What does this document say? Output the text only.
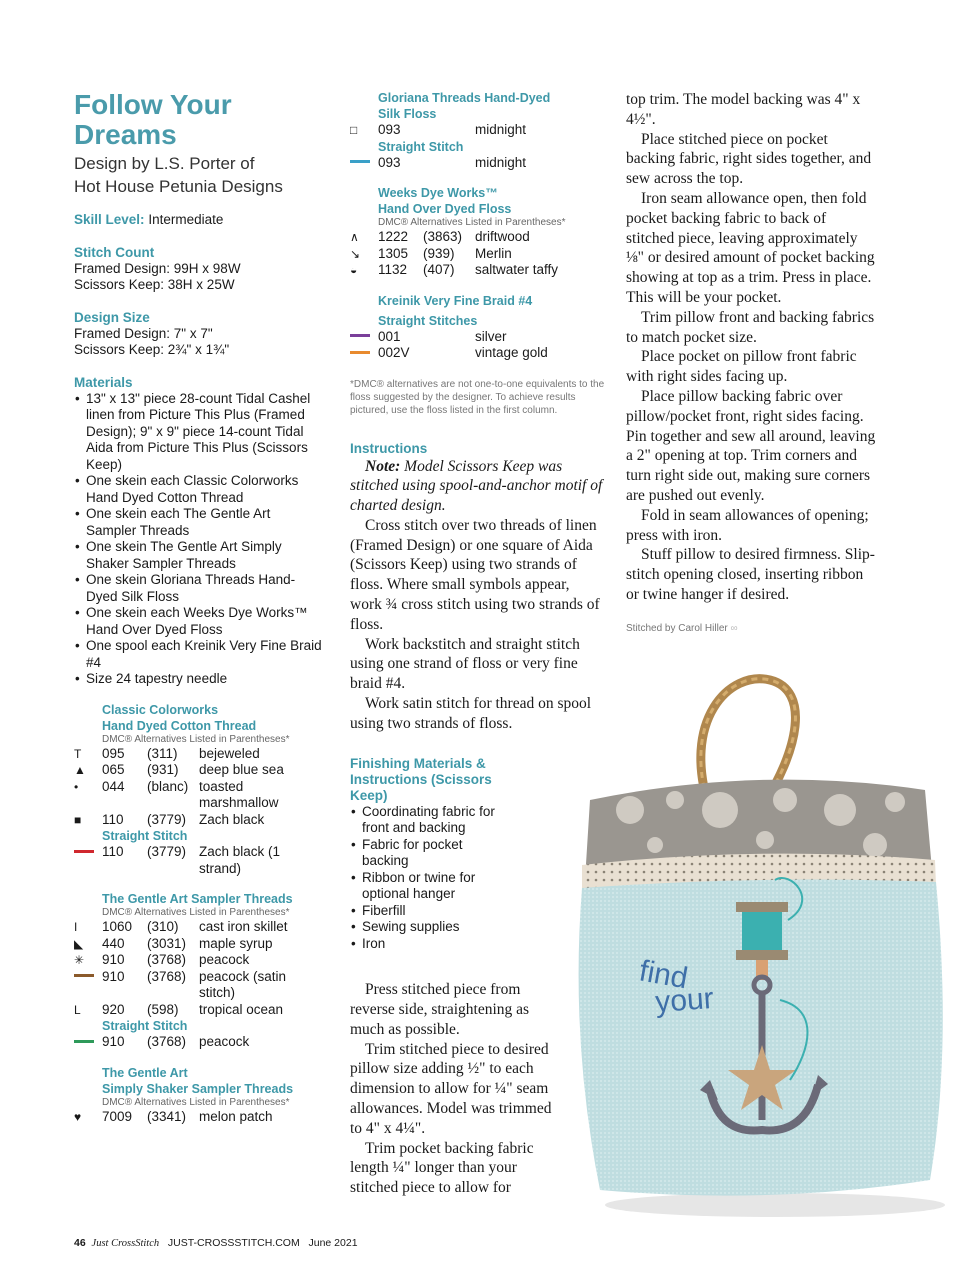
Follow Your
Dreams
Design by L.S. Porter of
Hot House Petunia Designs

Skill Level: Intermediate

Stitch Count

Framed Design: 99H x 98W

Scissors Keep: 38H x 25W

Design Size

Framed Design: 7" x 7"

Scissors Keep: 2¾" x 1¾"

Materials

• 13" x 13" piece 28-count Tidal Cashel linen from Picture This Plus (Framed Design); 9" x 9" piece 14-count Tidal Aida from Picture This Plus (Scissors Keep)
• One skein each Classic Colorworks Hand Dyed Cotton Thread
• One skein each The Gentle Art Sampler Threads
• One skein The Gentle Art Simply Shaker Sampler Threads
• One skein Gloriana Threads Hand-Dyed Silk Floss
• One skein each Weeks Dye Works™ Hand Over Dyed Floss
• One spool each Kreinik Very Fine Braid #4
• Size 24 tapestry needle
Classic Colorworks
Hand Dyed Cotton Thread
DMC® Alternatives Listed in Parentheses*
T	095	(311)	bejeweled
▲	065	(931)	deep blue sea
•	044	(blanc)	toasted marshmallow
■	110	(3779)	Zach black
Straight Stitch
	110	(3779)	Zach black (1 strand)
The Gentle Art Sampler Threads
DMC® Alternatives Listed in Parentheses*
I	1060	(310)	cast iron skillet
◣	440	(3031)	maple syrup
✳	910	(3768)	peacock
	910	(3768)	peacock (satin stitch)
L	920	(598)	tropical ocean
Straight Stitch
	910	(3768)	peacock
The Gentle Art
Simply Shaker Sampler Threads
DMC® Alternatives Listed in Parentheses*
♥	7009	(3341)	melon patch
Gloriana Threads Hand-Dyed
Silk Floss
□	093	midnight
Straight Stitch
	093	midnight
Weeks Dye Works™
Hand Over Dyed Floss
DMC® Alternatives Listed in Parentheses*
∧	1222	(3863)	driftwood
↘	1305	(939)	Merlin
◒	1132	(407)	saltwater taffy
Kreinik Very Fine Braid #4
Straight Stitches
	001	silver
	002V	vintage gold
*DMC® alternatives are not one-to-one equivalents to the floss suggested by the designer. To achieve results pictured, use the floss listed in the first column.

Instructions

Note: Model Scissors Keep was stitched using spool-and-anchor motif of charted design.

Cross stitch over two threads of linen (Framed Design) or one square of Aida (Scissors Keep) using two strands of floss. Where small symbols appear, work ¾ cross stitch using two strands of floss.

Work backstitch and straight stitch using one strand of floss or very fine braid #4.

Work satin stitch for thread on spool using two strands of floss.

Finishing Materials & Instructions (Scissors Keep)

• Coordinating fabric for front and backing
• Fabric for pocket backing
• Ribbon or twine for optional hanger
• Fiberfill
• Sewing supplies
• Iron

Press stitched piece from reverse side, straightening as much as possible.

Trim stitched piece to desired pillow size adding ½" to each dimension to allow for ¼" seam allowances. Model was trimmed to 4" x 4¼".

Trim pocket backing fabric length ¼" longer than your stitched piece to allow for

top trim. The model backing was 4" x 4½".

Place stitched piece on pocket backing fabric, right sides together, and sew across the top.

Iron seam allowance open, then fold pocket backing fabric to back of stitched piece, leaving approximately ⅛" or desired amount of pocket backing showing at top as a trim. Press in place. This will be your pocket.

Trim pillow front and backing fabrics to match pocket size.

Place pocket on pillow front fabric with right sides facing up.

Place pillow backing fabric over pillow/pocket front, right sides facing. Pin together and sew all around, leaving a 2" opening at top. Trim corners and turn right side out, making sure corners are pushed out evenly.

Fold in seam allowances of opening; press with iron.

Stuff pillow to desired firmness. Slip-stitch opening closed, inserting ribbon or twine hanger if desired.

Stitched by Carol Hiller ∞
find
your
46 Just CrossStitch JUST-CROSSSTITCH.COM June 2021
